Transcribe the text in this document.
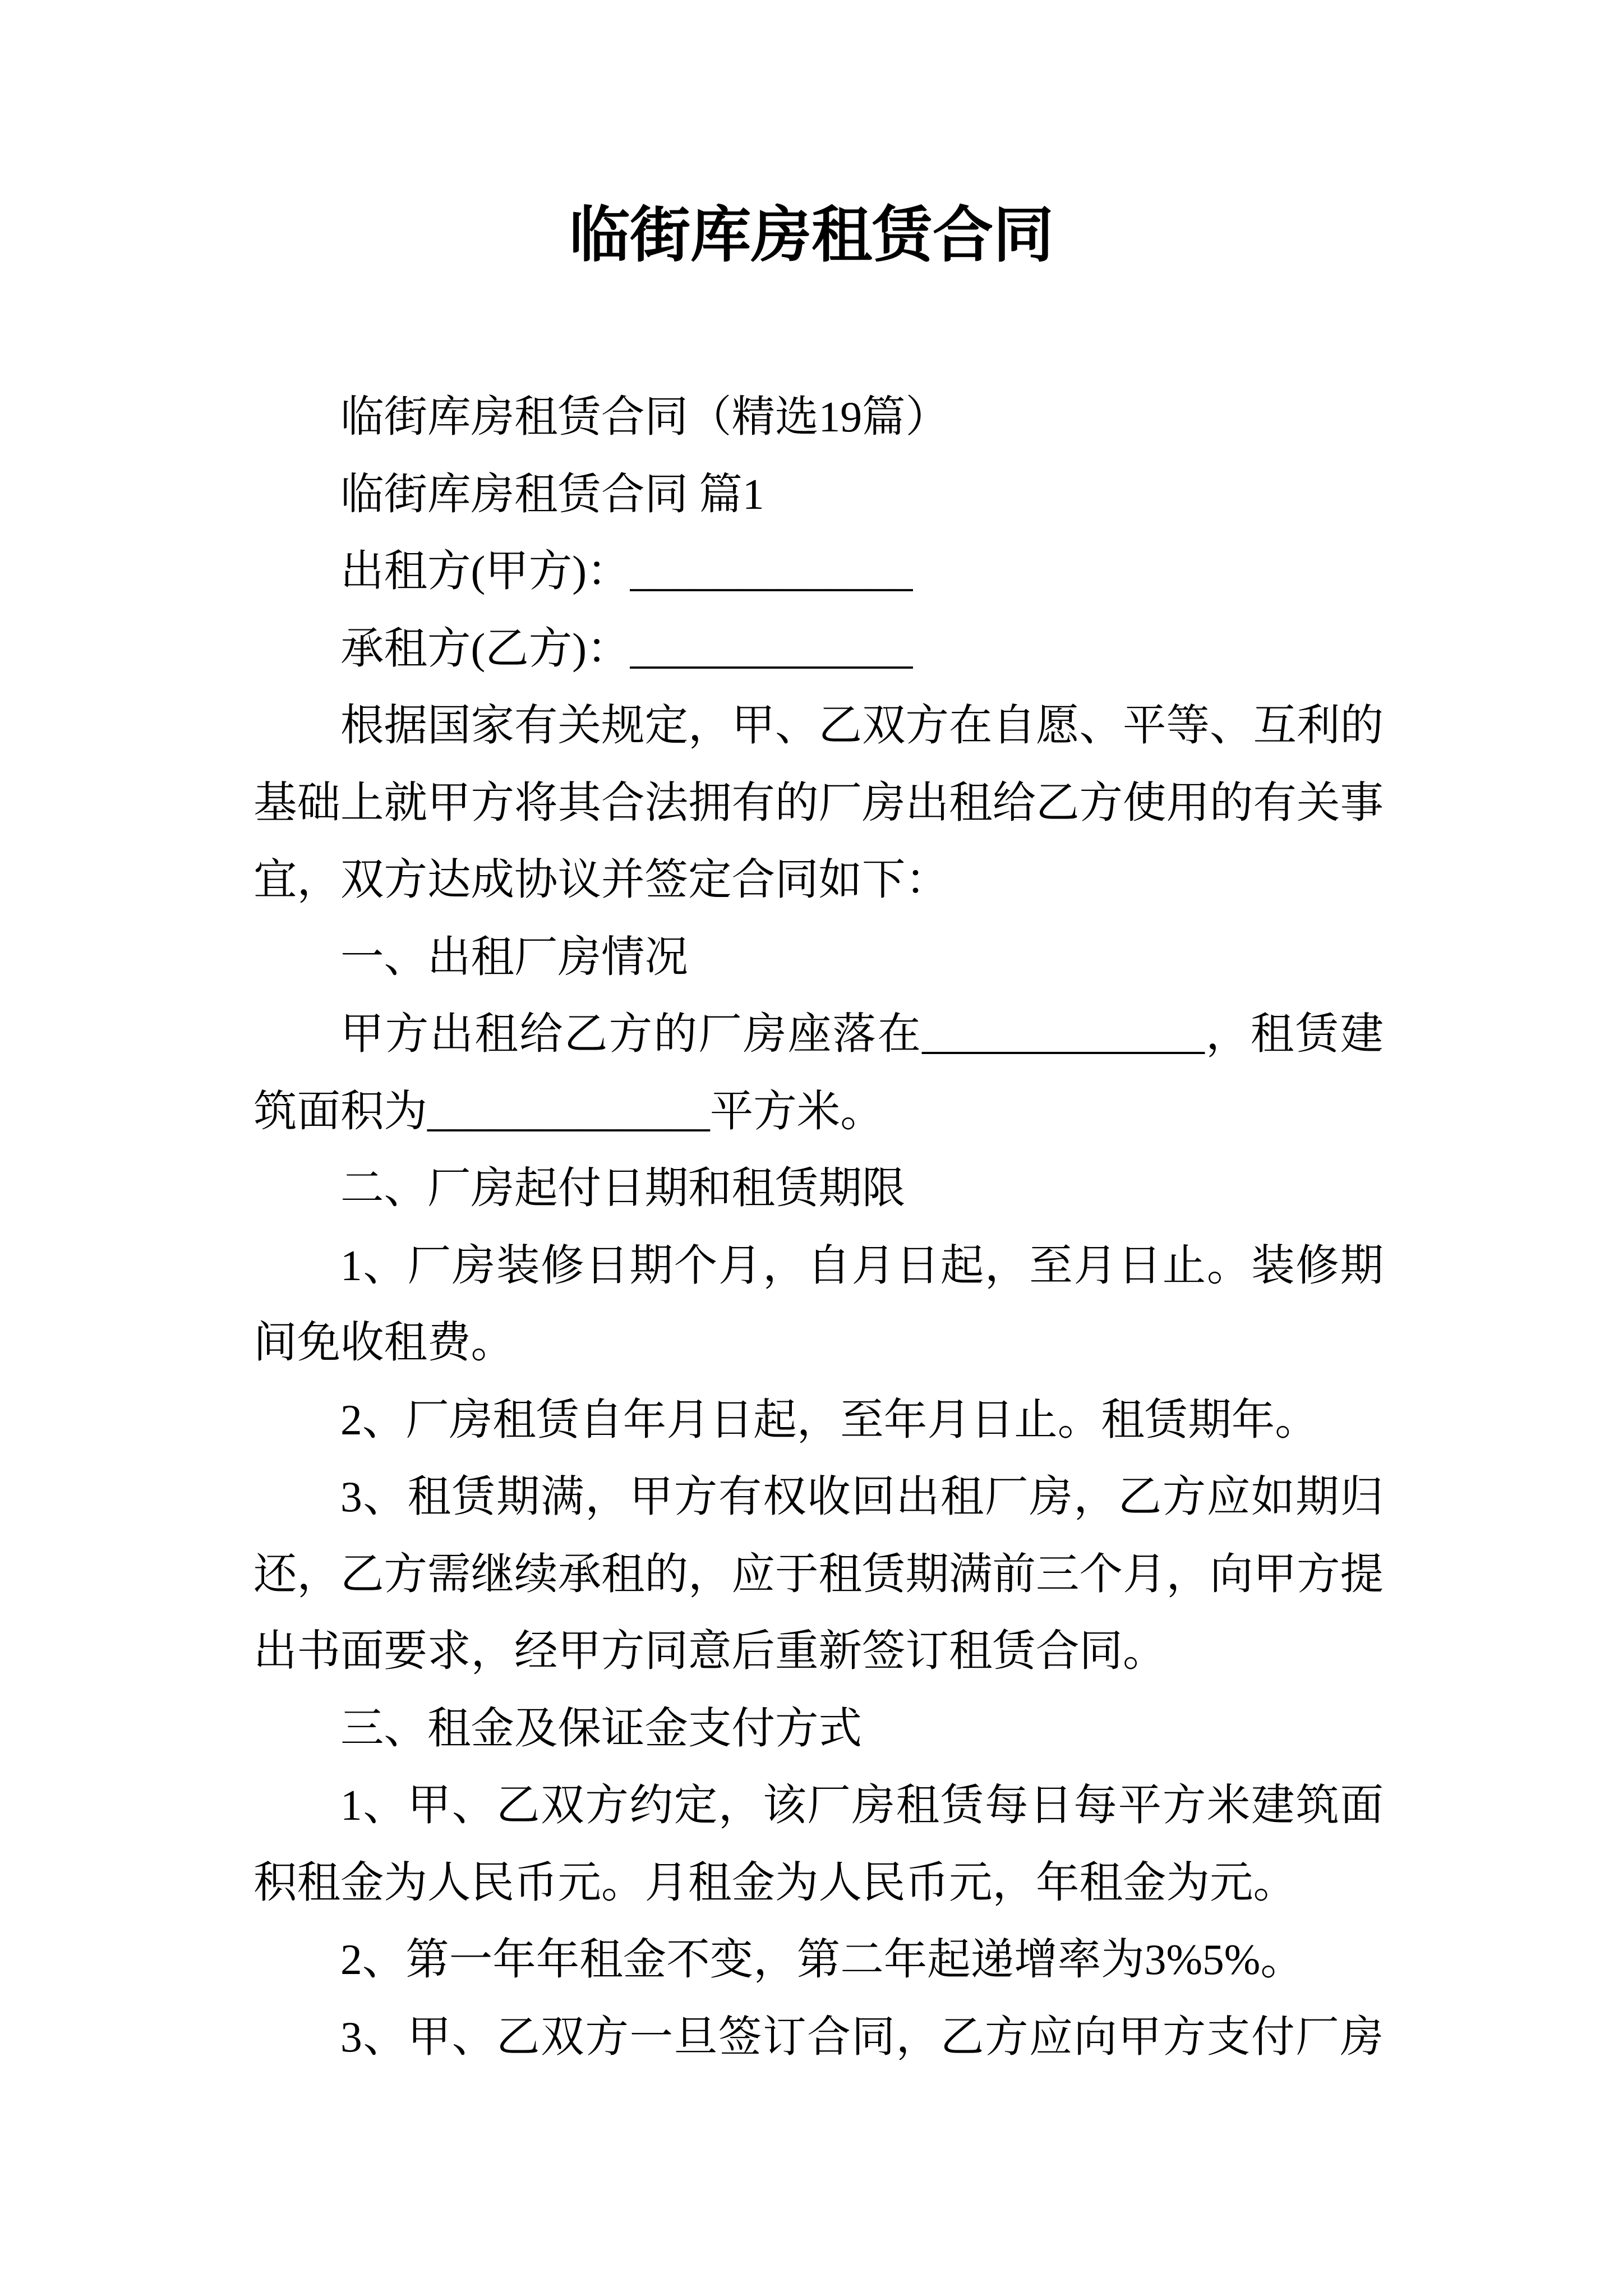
临街库房租赁合同

临街库房租赁合同（精选19篇）

临街库房租赁合同 篇1

出租方(甲方)：_____________

承租方(乙方)：_____________

根据国家有关规定，甲、乙双方在自愿、平等、互利的基础上就甲方将其合法拥有的厂房出租给乙方使用的有关事宜，双方达成协议并签定合同如下：

一、出租厂房情况

甲方出租给乙方的厂房座落在_____________，租赁建筑面积为_____________平方米。

二、厂房起付日期和租赁期限

1、厂房装修日期个月，自月日起，至月日止。装修期间免收租费。

2、厂房租赁自年月日起，至年月日止。租赁期年。

3、租赁期满，甲方有权收回出租厂房，乙方应如期归还，乙方需继续承租的，应于租赁期满前三个月，向甲方提出书面要求，经甲方同意后重新签订租赁合同。

三、租金及保证金支付方式

1、甲、乙双方约定，该厂房租赁每日每平方米建筑面积租金为人民币元。月租金为人民币元，年租金为元。

2、第一年年租金不变，第二年起递增率为3%5%。

3、甲、乙双方一旦签订合同，乙方应向甲方支付厂房
